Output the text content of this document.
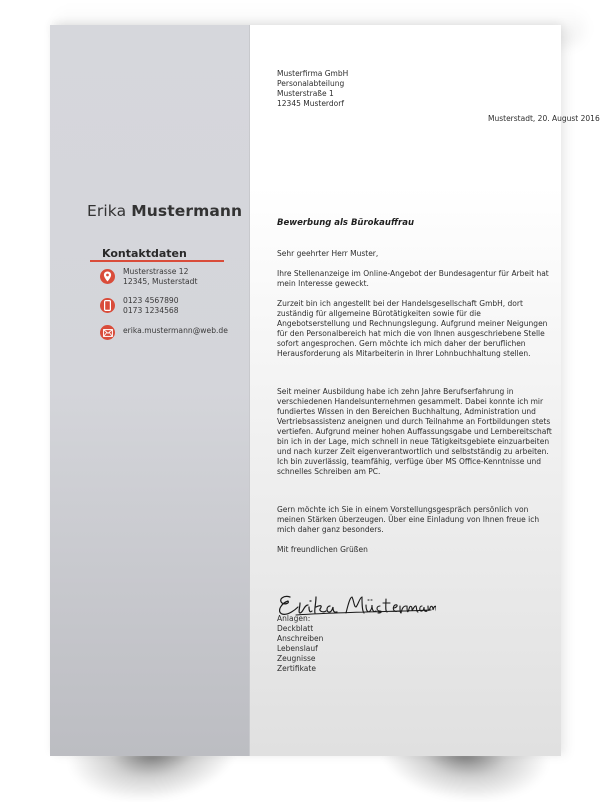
Erika Mustermann
Kontaktdaten
Musterstrasse 12
12345, Musterstadt
0123 4567890
0173 1234568
erika.mustermann@web.de
Musterfirma GmbH
Personalabteilung
Musterstraße 1
12345 Musterdorf
Musterstadt, 20. August 2016
Bewerbung als Bürokauffrau
Sehr geehrter Herr Muster,
Ihre Stellenanzeige im Online-Angebot der Bundesagentur für Arbeit hat mein Interesse geweckt.
Zurzeit bin ich angestellt bei der Handelsgesellschaft GmbH, dort zuständig für allgemeine Bürotätigkeiten sowie für die Angebotserstellung und Rechnungslegung. Aufgrund meiner Neigungen für den Personalbereich hat mich die von Ihnen ausgeschriebene Stelle sofort angesprochen. Gern möchte ich mich daher der beruflichen Herausforderung als Mitarbeiterin in Ihrer Lohnbuchhaltung stellen.
Seit meiner Ausbildung habe ich zehn Jahre Berufserfahrung in verschiedenen Handelsunternehmen gesammelt. Dabei konnte ich mir fundiertes Wissen in den Bereichen Buchhaltung, Administration und Vertriebsassistenz aneignen und durch Teilnahme an Fortbildungen stets vertiefen. Aufgrund meiner hohen Auffassungsgabe und Lernbereitschaft bin ich in der Lage, mich schnell in neue Tätigkeitsgebiete einzuarbeiten und nach kurzer Zeit eigenverantwortlich und selbstständig zu arbeiten. Ich bin zuverlässig, teamfähig, verfüge über MS Office-Kenntnisse und schnelles Schreiben am PC.
Gern möchte ich Sie in einem Vorstellungsgespräch persönlich von meinen Stärken überzeugen. Über eine Einladung von Ihnen freue ich mich daher ganz besonders.
Mit freundlichen Grüßen
Anlagen:
Deckblatt
Anschreiben
Lebenslauf
Zeugnisse
Zertifikate
